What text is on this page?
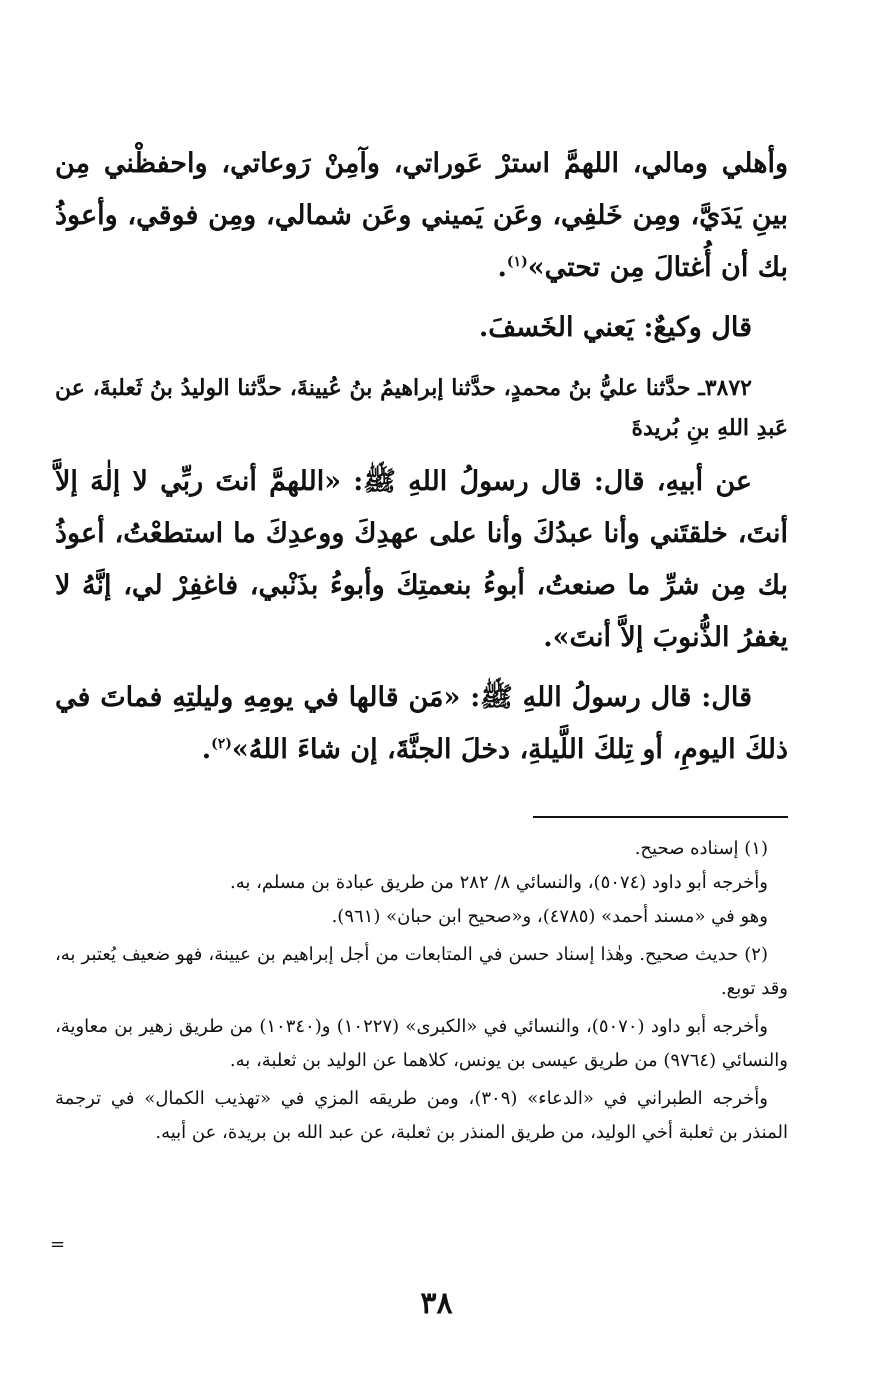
وأهلي ومالي، اللهمَّ استرْ عَوراتي، وآمِنْ رَوعاتي، واحفظْني مِن بينِ يَدَيَّ، ومِن خَلفِي، وعَن يَميني وعَن شمالي، ومِن فوقي، وأعوذُ بك أن أُغتالَ مِن تحتي»$^{(١)}$.

قال وكيعٌ: يَعني الخَسفَ.

٣٨٧٢ـ حدَّثنا عليُّ بنُ محمدٍ، حدَّثنا إبراهيمُ بنُ عُيينةَ، حدَّثنا الوليدُ بنُ ثَعلبةَ، عن عَبدِ اللهِ بنِ بُريدةَ

عن أبيهِ، قال: قال رسولُ اللهِ ﷺ: «اللهمَّ أنتَ ربِّي لا إلٰهَ إلاَّ أنتَ، خلقتَني وأنا عبدُكَ وأنا على عهدِكَ ووعدِكَ ما استطعْتُ، أعوذُ بك مِن شرِّ ما صنعتُ، أبوءُ بنعمتِكَ وأبوءُ بذَنْبي، فاغفِرْ لي، إنَّهُ لا يغفرُ الذُّنوبَ إلاَّ أنتَ».

قال: قال رسولُ اللهِ ﷺ: «مَن قالها في يومِهِ وليلتِهِ فماتَ في ذلكَ اليومِ، أو تِلكَ اللَّيلةِ، دخلَ الجنَّةَ، إن شاءَ اللهُ»$^{(٢)}$.

(١) إسناده صحيح.

وأخرجه أبو داود (٥٠٧٤)، والنسائي ٨/ ٢٨٢ من طريق عبادة بن مسلم، به.

وهو في «مسند أحمد» (٤٧٨٥)، و«صحيح ابن حبان» (٩٦١).

(٢) حديث صحيح. وهٰذا إسناد حسن في المتابعات من أجل إبراهيم بن عيينة، فهو ضعيف يُعتبر به، وقد توبع.

وأخرجه أبو داود (٥٠٧٠)، والنسائي في «الكبرى» (١٠٢٢٧) و(١٠٣٤٠) من طريق زهير بن معاوية، والنسائي (٩٧٦٤) من طريق عيسى بن يونس، كلاهما عن الوليد بن ثعلبة، به.

وأخرجه الطبراني في «الدعاء» (٣٠٩)، ومن طريقه المزي في «تهذيب الكمال» في ترجمة المنذر بن ثعلبة أخي الوليد، من طريق المنذر بن ثعلبة، عن عبد الله بن بريدة، عن أبيه.

=
٣٨
